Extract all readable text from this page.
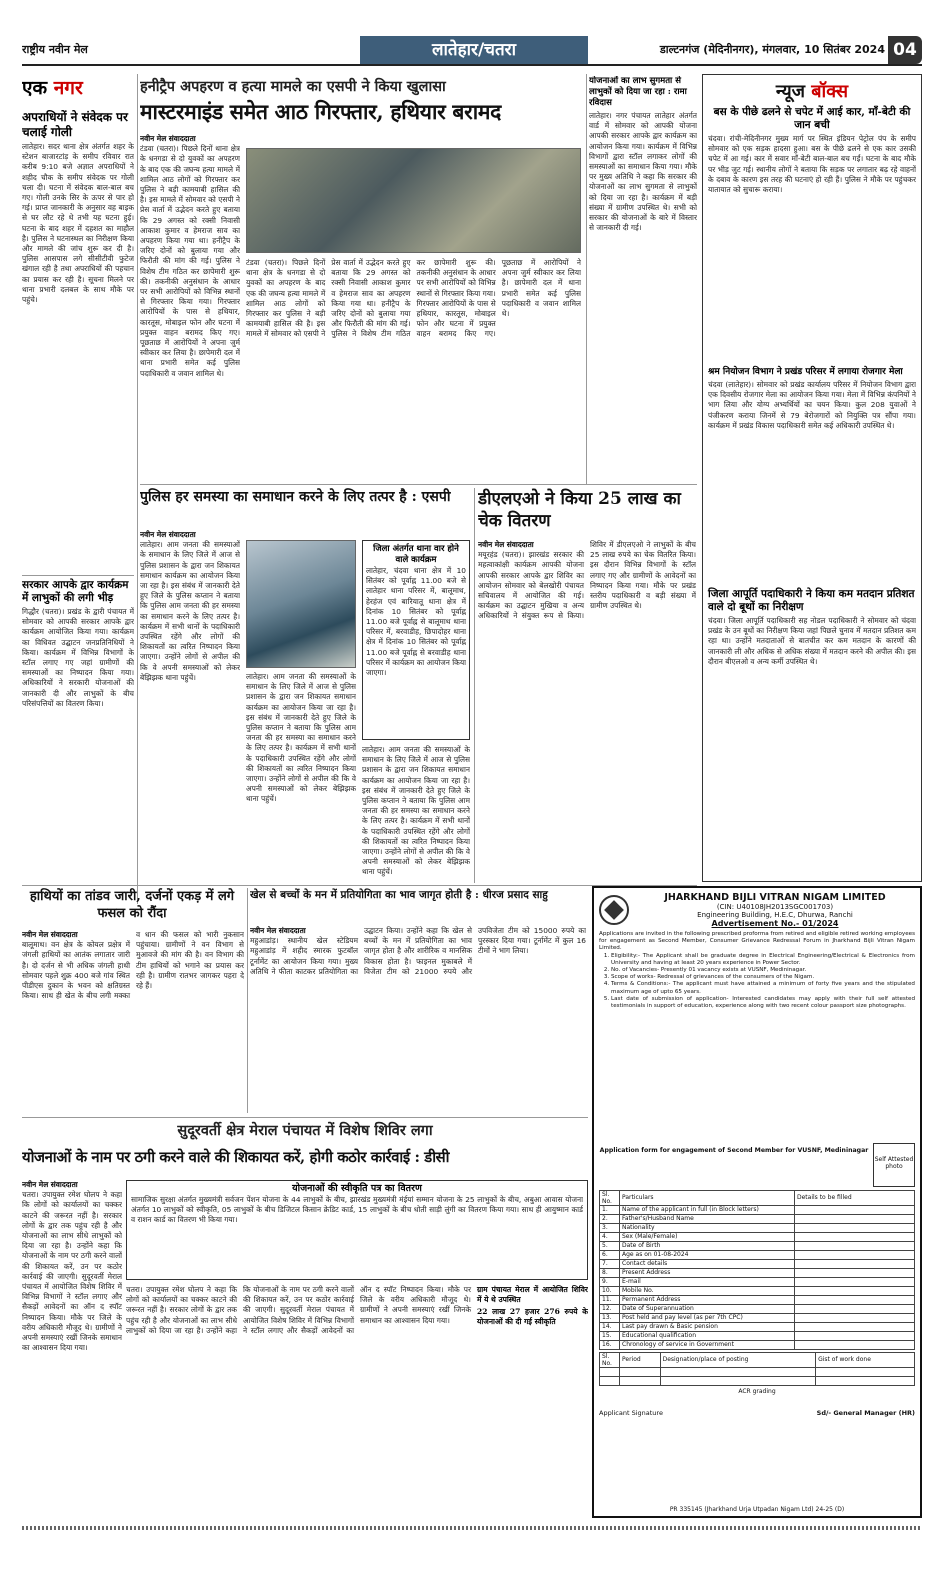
राष्ट्रीय नवीन मेल	लातेहार/चतरा	डाल्टनगंज (मेदिनीनगर), मंगलवार, 10 सितंबर 2024 04
एक नगर
अपराधियों ने संवेदक पर चलाई गोली
लातेहार। सदर थाना क्षेत्र अंतर्गत शहर के स्टेशन बाजारटांड़ के समीप रविवार रात करीब 9:10 बजे अज्ञात अपराधियों ने शहीद चौक के समीप संवेदक पर गोली चला दी। घटना में संवेदक बाल-बाल बच गए। गोली उनके सिर के ऊपर से पार हो गई। प्राप्त जानकारी के अनुसार वह बाइक से घर लौट रहे थे तभी यह घटना हुई। घटना के बाद शहर में दहशत का माहौल है। पुलिस ने घटनास्थल का निरीक्षण किया और मामले की जांच शुरू कर दी है। पुलिस आसपास लगे सीसीटीवी फुटेज खंगाल रही है तथा अपराधियों की पहचान का प्रयास कर रही है। सूचना मिलने पर थाना प्रभारी दलबल के साथ मौके पर पहुंचे।
सरकार आपके द्वार कार्यक्रम में लाभुकों की लगी भीड़
गिद्धौर (चतरा)। प्रखंड के द्वारी पंचायत में सोमवार को आपकी सरकार आपके द्वार कार्यक्रम आयोजित किया गया। कार्यक्रम का विधिवत उद्घाटन जनप्रतिनिधियों ने किया। कार्यक्रम में विभिन्न विभागों के स्टॉल लगाए गए जहां ग्रामीणों की समस्याओं का निष्पादन किया गया। अधिकारियों ने सरकारी योजनाओं की जानकारी दी और लाभुकों के बीच परिसंपत्तियों का वितरण किया।
हनीट्रैप अपहरण व हत्या मामले का एसपी ने किया खुलासा
मास्टरमाइंड समेत आठ गिरफ्तार, हथियार बरामद
नवीन मेल संवाददाता
टंडवा (चतरा)। पिछले दिनों थाना क्षेत्र के धनगडा से दो युवकों का अपहरण के बाद एक की जघन्य हत्या मामले में शामिल आठ लोगों को गिरफ्तार कर पुलिस ने बड़ी कामयाबी हासिल की है। इस मामले में सोमवार को एसपी ने प्रेस वार्ता में उद्भेदन करते हुए बताया कि 29 अगस्त को रक्सी निवासी आकाश कुमार व हेमराज साव का अपहरण किया गया था। हनीट्रैप के जरिए दोनों को बुलाया गया और फिरौती की मांग की गई। पुलिस ने विशेष टीम गठित कर छापेमारी शुरू की। तकनीकी अनुसंधान के आधार पर सभी आरोपियों को विभिन्न स्थानों से गिरफ्तार किया गया। गिरफ्तार आरोपियों के पास से हथियार, कारतूस, मोबाइल फोन और घटना में प्रयुक्त वाहन बरामद किए गए। पूछताछ में आरोपियों ने अपना जुर्म स्वीकार कर लिया है। छापेमारी दल में थाना प्रभारी समेत कई पुलिस पदाधिकारी व जवान शामिल थे।
टंडवा (चतरा)। पिछले दिनों थाना क्षेत्र के धनगडा से दो युवकों का अपहरण के बाद एक की जघन्य हत्या मामले में शामिल आठ लोगों को गिरफ्तार कर पुलिस ने बड़ी कामयाबी हासिल की है। इस मामले में सोमवार को एसपी ने प्रेस वार्ता में उद्भेदन करते हुए बताया कि 29 अगस्त को रक्सी निवासी आकाश कुमार व हेमराज साव का अपहरण किया गया था। हनीट्रैप के जरिए दोनों को बुलाया गया और फिरौती की मांग की गई। पुलिस ने विशेष टीम गठित कर छापेमारी शुरू की। तकनीकी अनुसंधान के आधार पर सभी आरोपियों को विभिन्न स्थानों से गिरफ्तार किया गया। गिरफ्तार आरोपियों के पास से हथियार, कारतूस, मोबाइल फोन और घटना में प्रयुक्त वाहन बरामद किए गए। पूछताछ में आरोपियों ने अपना जुर्म स्वीकार कर लिया है। छापेमारी दल में थाना प्रभारी समेत कई पुलिस पदाधिकारी व जवान शामिल थे।
योजनाओं का लाभ सुगमता से लाभुकों को दिया जा रहा : रामा रविदास
लातेहार। नगर पंचायत लातेहार अंतर्गत वार्ड में सोमवार को आपकी योजना आपकी सरकार आपके द्वार कार्यक्रम का आयोजन किया गया। कार्यक्रम में विभिन्न विभागों द्वारा स्टॉल लगाकर लोगों की समस्याओं का समाधान किया गया। मौके पर मुख्य अतिथि ने कहा कि सरकार की योजनाओं का लाभ सुगमता से लाभुकों को दिया जा रहा है। कार्यक्रम में बड़ी संख्या में ग्रामीण उपस्थित थे। सभी को सरकार की योजनाओं के बारे में विस्तार से जानकारी दी गई।
न्यूज बॉक्स
बस के पीछे ढलने से चपेट में आई कार, माँ-बेटी की जान बची
चंदवा। रांची-मेदिनीनगर मुख्य मार्ग पर स्थित इंडियन पेट्रोल पंप के समीप सोमवार को एक सड़क हादसा हुआ। बस के पीछे ढलने से एक कार उसकी चपेट में आ गई। कार में सवार माँ-बेटी बाल-बाल बच गईं। घटना के बाद मौके पर भीड़ जुट गई। स्थानीय लोगों ने बताया कि सड़क पर लगातार बढ़ रहे वाहनों के दबाव के कारण इस तरह की घटनाएं हो रही हैं। पुलिस ने मौके पर पहुंचकर यातायात को सुचारू कराया।
श्रम नियोजन विभाग ने प्रखंड परिसर में लगाया रोजगार मेला
चंदवा (लातेहार)। सोमवार को प्रखंड कार्यालय परिसर में नियोजन विभाग द्वारा एक दिवसीय रोजगार मेला का आयोजन किया गया। मेला में विभिन्न कंपनियों ने भाग लिया और योग्य अभ्यर्थियों का चयन किया। कुल 208 युवाओं ने पंजीकरण कराया जिनमें से 79 बेरोजगारों को नियुक्ति पत्र सौंपा गया। कार्यक्रम में प्रखंड विकास पदाधिकारी समेत कई अधिकारी उपस्थित थे।
जिला आपूर्ति पदाधिकारी ने किया कम मतदान प्रतिशत वाले दो बूथों का निरीक्षण
चंदवा। जिला आपूर्ति पदाधिकारी सह नोडल पदाधिकारी ने सोमवार को चंदवा प्रखंड के उन बूथों का निरीक्षण किया जहां पिछले चुनाव में मतदान प्रतिशत कम रहा था। उन्होंने मतदाताओं से बातचीत कर कम मतदान के कारणों की जानकारी ली और अधिक से अधिक संख्या में मतदान करने की अपील की। इस दौरान बीएलओ व अन्य कर्मी उपस्थित थे।
पुलिस हर समस्या का समाधान करने के लिए तत्पर है : एसपी
नवीन मेल संवाददाता
लातेहार। आम जनता की समस्याओं के समाधान के लिए जिले में आज से पुलिस प्रशासन के द्वारा जन शिकायत समाधान कार्यक्रम का आयोजन किया जा रहा है। इस संबंध में जानकारी देते हुए जिले के पुलिस कप्तान ने बताया कि पुलिस आम जनता की हर समस्या का समाधान करने के लिए तत्पर है। कार्यक्रम में सभी थानों के पदाधिकारी उपस्थित रहेंगे और लोगों की शिकायतों का त्वरित निष्पादन किया जाएगा। उन्होंने लोगों से अपील की कि वे अपनी समस्याओं को लेकर बेझिझक थाना पहुंचें।
जिला अंतर्गत थाना वार होने वाले कार्यक्रम
लातेहार, चंदवा थाना क्षेत्र में 10 सितंबर को पूर्वाह्न 11.00 बजे से लातेहार थाना परिसर में, बालूमाथ, हेरहंज एवं बारियातू थाना क्षेत्र में दिनांक 10 सितंबर को पूर्वाह्न 11.00 बजे पूर्वाह्न से बालूमाथ थाना परिसर में, बरवाडीह, छिपादोहर थाना क्षेत्र में दिनांक 10 सितंबर को पूर्वाह्न 11.00 बजे पूर्वाह्न से बरवाडीह थाना परिसर में कार्यक्रम का आयोजन किया जाएगा।
लातेहार। आम जनता की समस्याओं के समाधान के लिए जिले में आज से पुलिस प्रशासन के द्वारा जन शिकायत समाधान कार्यक्रम का आयोजन किया जा रहा है। इस संबंध में जानकारी देते हुए जिले के पुलिस कप्तान ने बताया कि पुलिस आम जनता की हर समस्या का समाधान करने के लिए तत्पर है। कार्यक्रम में सभी थानों के पदाधिकारी उपस्थित रहेंगे और लोगों की शिकायतों का त्वरित निष्पादन किया जाएगा। उन्होंने लोगों से अपील की कि वे अपनी समस्याओं को लेकर बेझिझक थाना पहुंचें।
लातेहार। आम जनता की समस्याओं के समाधान के लिए जिले में आज से पुलिस प्रशासन के द्वारा जन शिकायत समाधान कार्यक्रम का आयोजन किया जा रहा है। इस संबंध में जानकारी देते हुए जिले के पुलिस कप्तान ने बताया कि पुलिस आम जनता की हर समस्या का समाधान करने के लिए तत्पर है। कार्यक्रम में सभी थानों के पदाधिकारी उपस्थित रहेंगे और लोगों की शिकायतों का त्वरित निष्पादन किया जाएगा। उन्होंने लोगों से अपील की कि वे अपनी समस्याओं को लेकर बेझिझक थाना पहुंचें।
डीएलएओ ने किया 25 लाख का चेक वितरण
नवीन मेल संवाददाता
मयूरहंड (चतरा)। झारखंड सरकार की महत्वाकांक्षी कार्यक्रम आपकी योजना आपकी सरकार आपके द्वार शिविर का आयोजन सोमवार को बेलखोरी पंचायत सचिवालय में आयोजित की गई। कार्यक्रम का उद्घाटन मुखिया व अन्य अधिकारियों ने संयुक्त रूप से किया। शिविर में डीएलएओ ने लाभुकों के बीच 25 लाख रुपये का चेक वितरित किया। इस दौरान विभिन्न विभागों के स्टॉल लगाए गए और ग्रामीणों के आवेदनों का निष्पादन किया गया। मौके पर प्रखंड स्तरीय पदाधिकारी व बड़ी संख्या में ग्रामीण उपस्थित थे।
हाथियों का तांडव जारी, दर्जनों एकड़ में लगे फसल को रौंदा
नवीन मेल संवाददाता
बालूमाथ। वन क्षेत्र के कोयल प्रक्षेत्र में जंगली हाथियों का आतंक लगातार जारी है। दो दर्जन से भी अधिक जंगली हाथी सोमवार पहले शुक्र 400 बजे गांव स्थित पीडीएस दुकान के भवन को क्षतिग्रस्त किया। साथ ही खेत के बीच लगी मक्का व धान की फसल को भारी नुकसान पहुंचाया। ग्रामीणों ने वन विभाग से मुआवजे की मांग की है। वन विभाग की टीम हाथियों को भगाने का प्रयास कर रही है। ग्रामीण रातभर जागकर पहरा दे रहे हैं।
खेल से बच्चों के मन में प्रतियोगिता का भाव जागृत होती है : धीरज प्रसाद साहु
नवीन मेल संवाददाता
महुआडांड़। स्थानीय खेल स्टेडियम महुआडांड़ में शहीद स्मारक फुटबॉल टूर्नामेंट का आयोजन किया गया। मुख्य अतिथि ने फीता काटकर प्रतियोगिता का उद्घाटन किया। उन्होंने कहा कि खेल से बच्चों के मन में प्रतियोगिता का भाव जागृत होता है और शारीरिक व मानसिक विकास होता है। फाइनल मुकाबले में विजेता टीम को 21000 रुपये और उपविजेता टीम को 15000 रुपये का पुरस्कार दिया गया। टूर्नामेंट में कुल 16 टीमों ने भाग लिया।
सुदूरवर्ती क्षेत्र मेराल पंचायत में विशेष शिविर लगा
योजनाओं के नाम पर ठगी करने वाले की शिकायत करें, होगी कठोर कार्रवाई : डीसी
नवीन मेल संवाददाता
चतरा। उपायुक्त रमेश घोलप ने कहा कि लोगों को कार्यालयों का चक्कर काटने की जरूरत नहीं है। सरकार लोगों के द्वार तक पहुंच रही है और योजनाओं का लाभ सीधे लाभुकों को दिया जा रहा है। उन्होंने कहा कि योजनाओं के नाम पर ठगी करने वालों की शिकायत करें, उन पर कठोर कार्रवाई की जाएगी। सुदूरवर्ती मेराल पंचायत में आयोजित विशेष शिविर में विभिन्न विभागों ने स्टॉल लगाए और सैकड़ों आवेदनों का ऑन द स्पॉट निष्पादन किया। मौके पर जिले के वरीय अधिकारी मौजूद थे। ग्रामीणों ने अपनी समस्याएं रखीं जिनके समाधान का आश्वासन दिया गया।
योजनाओं की स्वीकृति पत्र का वितरण
सामाजिक सुरक्षा अंतर्गत मुख्यमंत्री सर्वजन पेंशन योजना के 44 लाभुकों के बीच, झारखंड मुख्यमंत्री मंईयां सम्मान योजना के 25 लाभुकों के बीच, अबुआ आवास योजना अंतर्गत 10 लाभुकों को स्वीकृति, 05 लाभुकों के बीच डिजिटल किसान क्रेडिट कार्ड, 15 लाभुकों के बीच धोती साड़ी लुंगी का वितरण किया गया। साथ ही आयुष्मान कार्ड व राशन कार्ड का वितरण भी किया गया।
चतरा। उपायुक्त रमेश घोलप ने कहा कि लोगों को कार्यालयों का चक्कर काटने की जरूरत नहीं है। सरकार लोगों के द्वार तक पहुंच रही है और योजनाओं का लाभ सीधे लाभुकों को दिया जा रहा है। उन्होंने कहा कि योजनाओं के नाम पर ठगी करने वालों की शिकायत करें, उन पर कठोर कार्रवाई की जाएगी। सुदूरवर्ती मेराल पंचायत में आयोजित विशेष शिविर में विभिन्न विभागों ने स्टॉल लगाए और सैकड़ों आवेदनों का ऑन द स्पॉट निष्पादन किया। मौके पर जिले के वरीय अधिकारी मौजूद थे। ग्रामीणों ने अपनी समस्याएं रखीं जिनके समाधान का आश्वासन दिया गया।
ग्राम पंचायत मेराल में आयोजित शिविर में ये थे उपस्थित
22 लाख 27 हजार 276 रुपये के योजनाओं की दी गई स्वीकृति
JHARKHAND BIJLI VITRAN NIGAM LIMITED
(CIN: U40108JH2013SGC001703)
Engineering Building, H.E.C, Dhurwa, Ranchi
Advertisement No.- 01/2024
Applications are invited in the following prescribed proforma from retired and eligible retired working employees for engagement as Second Member, Consumer Grievance Redressal Forum in Jharkhand Bijli Vitran Nigam Limited.
1. Eligibility:- The Applicant shall be graduate degree in Electrical Engineering/Electrical & Electronics from University and having at least 20 years experience in Power Sector.
2. No. of Vacancies- Presently 01 vacancy exists at VUSNF, Medininagar.
3. Scope of works- Redressal of grievances of the consumers of the Nigam.
4. Terms & Conditions:- The applicant must have attained a minimum of forty five years and the stipulated maximum age of upto 65 years.
5. Last date of submission of application- Interested candidates may apply with their full self attested testimonials in support of education, experience along with two recent colour passport size photographs.
Application form for engagement of Second Member for VUSNF, Medininagar
Self Attested photo
Sl. No.	Particulars	Details to be filled
1.	Name of the applicant in full (in Block letters)	
2.	Father's/Husband Name	
3.	Nationality	
4.	Sex (Male/Female)	
5.	Date of Birth	
6.	Age as on 01-08-2024	
7.	Contact details	
8.	Present Address	
9.	E-mail	
10.	Mobile No.	
11.	Permanent Address	
12.	Date of Superannuation	
13.	Post held and pay level (as per 7th CPC)	
14.	Last pay drawn & Basic pension	
15.	Educational qualification	
16.	Chronology of service in Government	
Sl. No.	Period	Designation/place of posting	Gist of work done

ACR grading
Applicant Signature	Sd/- General Manager (HR)
PR 335145 (Jharkhand Urja Utpadan Nigam Ltd) 24-25 (D)
